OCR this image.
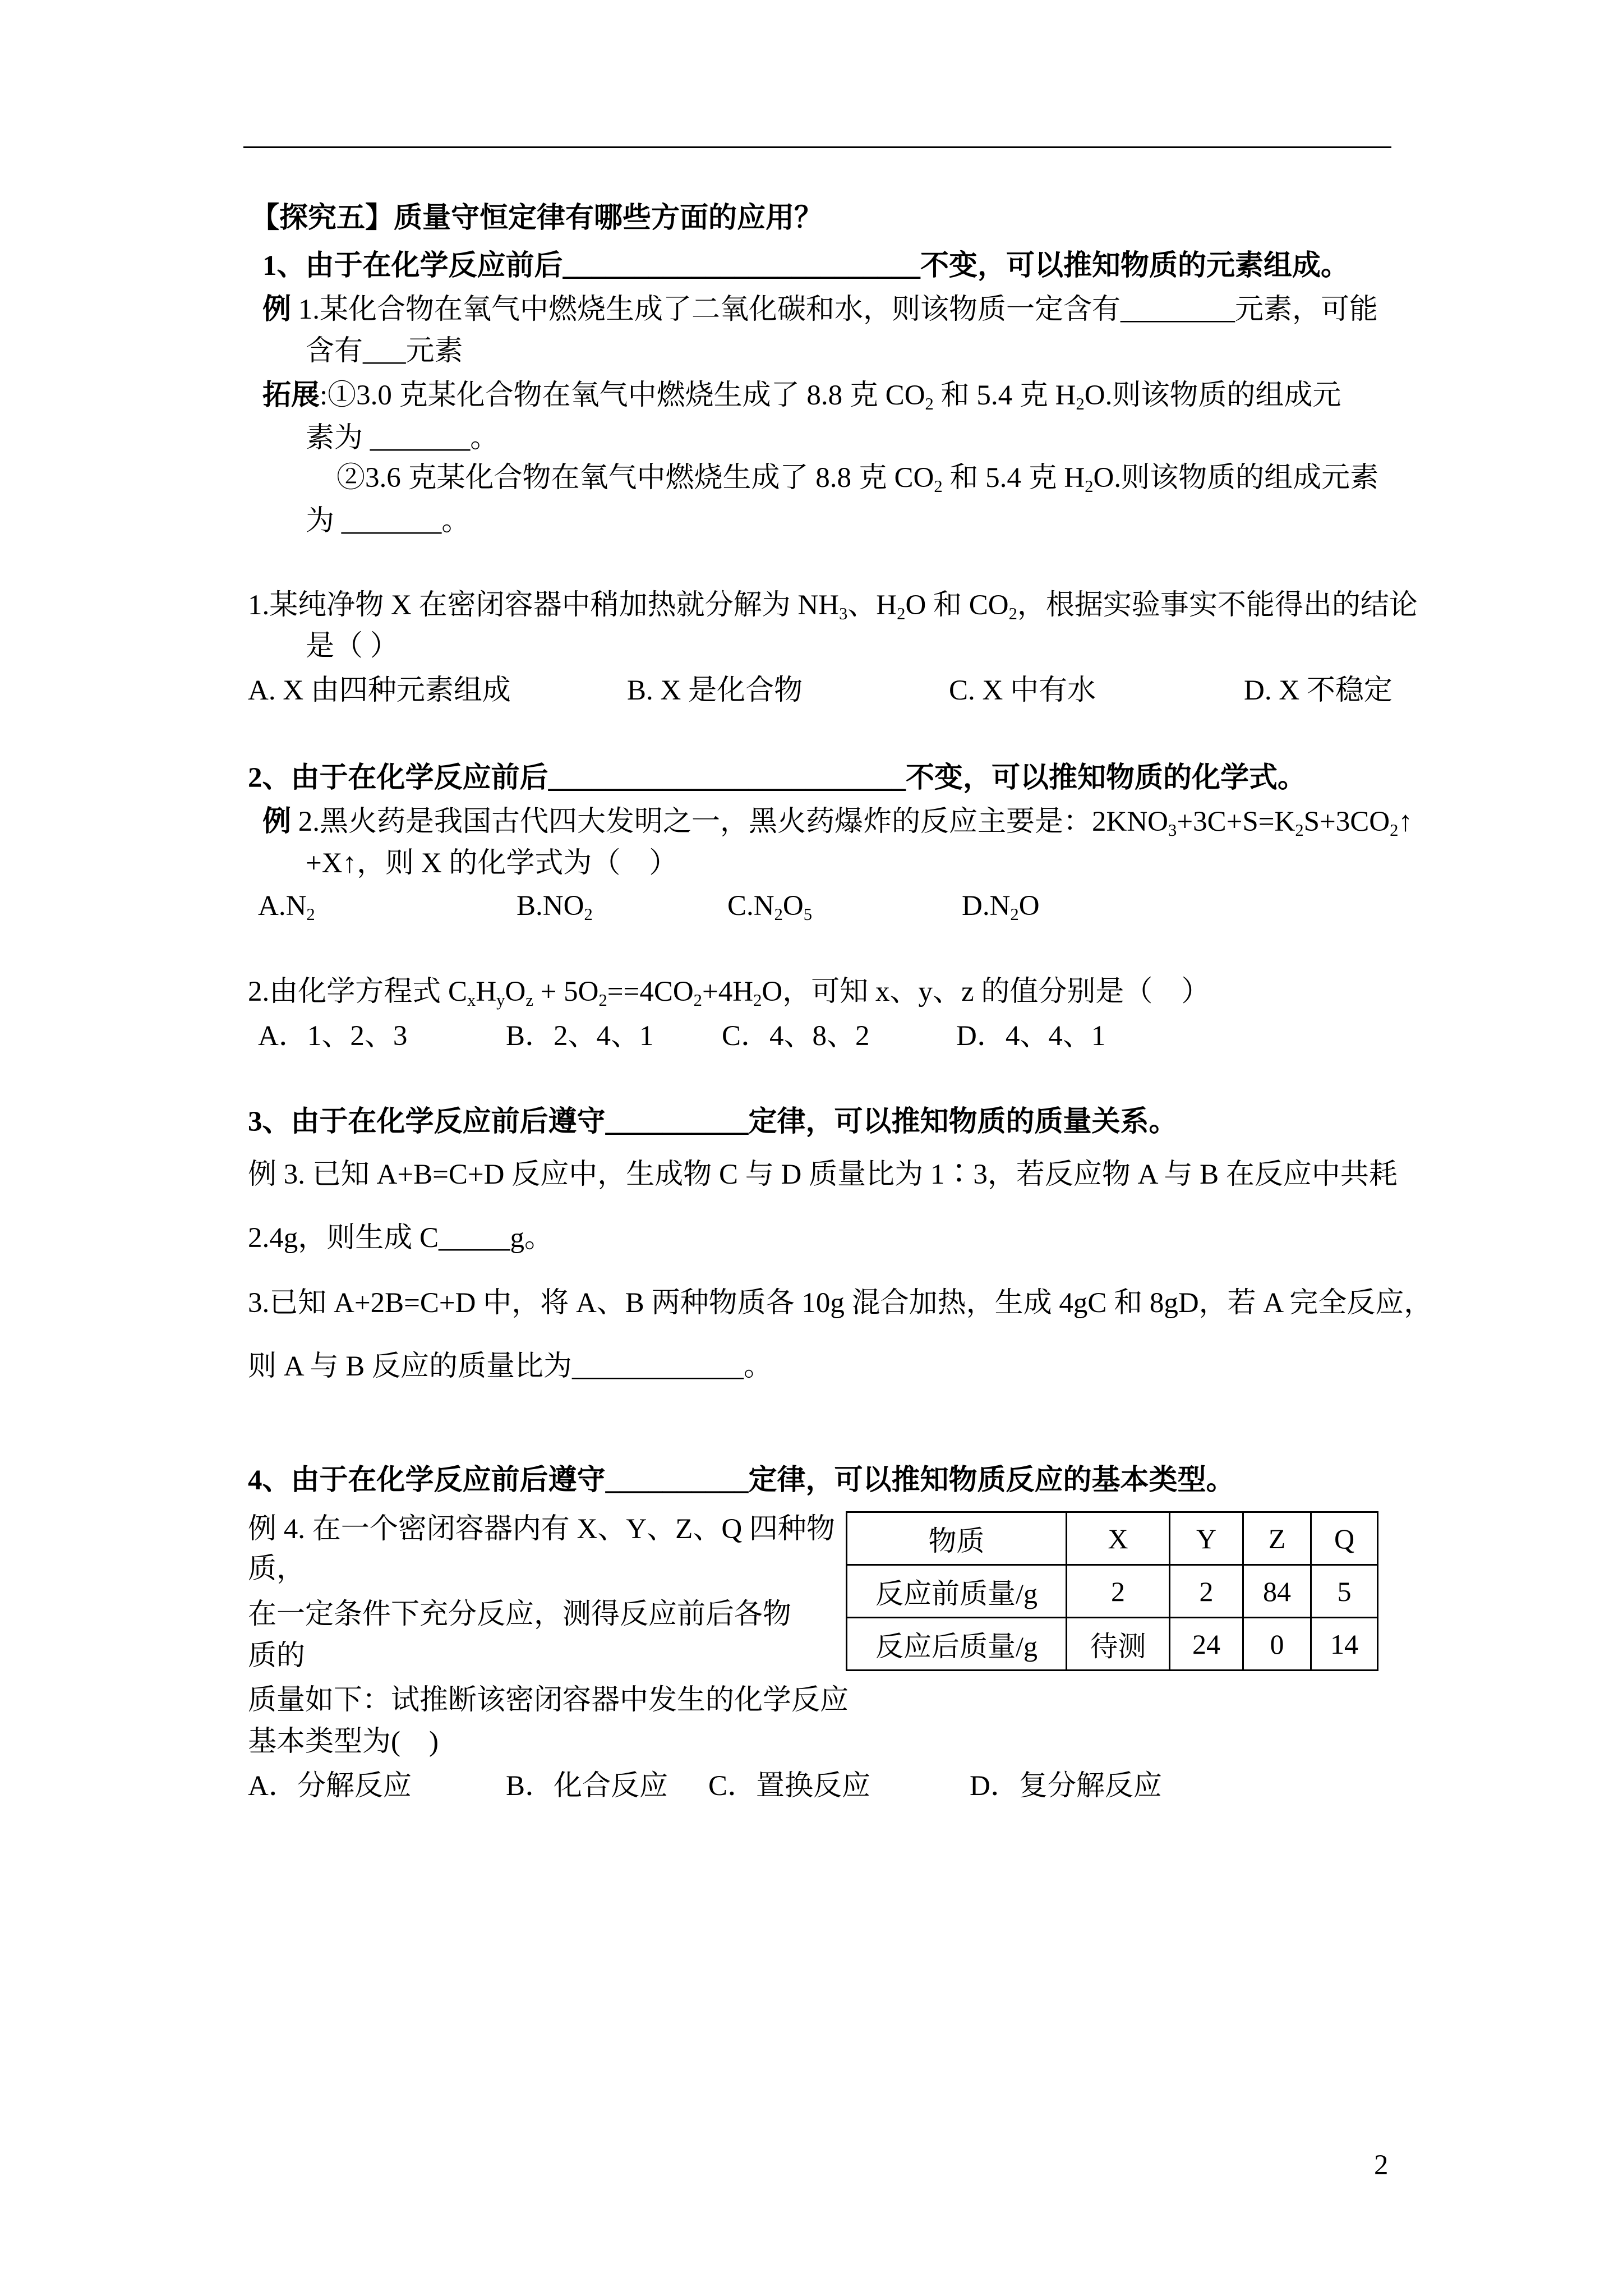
【探究五】质量守恒定律有哪些方面的应用？
1、由于在化学反应前后_________________________不变，可以推知物质的元素组成。
例 1.某化合物在氧气中燃烧生成了二氧化碳和水，则该物质一定含有________元素，可能
含有___元素
拓展:①3.0 克某化合物在氧气中燃烧生成了 8.8 克 CO2 和 5.4 克 H2O.则该物质的组成元
素为 _______。
②3.6 克某化合物在氧气中燃烧生成了 8.8 克 CO2 和 5.4 克 H2O.则该物质的组成元素
为 _______。
1.某纯净物 X 在密闭容器中稍加热就分解为 NH3、H2O 和 CO2，根据实验事实不能得出的结论
是（ ）
A. X 由四种元素组成	B. X 是化合物	C. X 中有水	D. X 不稳定
2、由于在化学反应前后_________________________不变，可以推知物质的化学式。
例 2.黑火药是我国古代四大发明之一，黑火药爆炸的反应主要是：2KNO3+3C+S=K2S+3CO2↑
+X↑，则 X 的化学式为（    ）
A.N2	B.NO2	C.N2O5	D.N2O
2.由化学方程式 CxHyOz + 5O2==4CO2+4H2O，可知 x、y、z 的值分别是（    ）
A．1、2、3	B．2、4、1 C．4、8、2	D．4、4、1
3、由于在化学反应前后遵守__________定律，可以推知物质的质量关系。
例 3. 已知 A+B=C+D 反应中，生成物 C 与 D 质量比为 1∶3，若反应物 A 与 B 在反应中共耗
2.4g，则生成 C_____g。
3.已知 A+2B=C+D 中，将 A、B 两种物质各 10g 混合加热，生成 4gC 和 8gD，若 A 完全反应，
则 A 与 B 反应的质量比为____________。
4、由于在化学反应前后遵守__________定律，可以推知物质反应的基本类型。
例 4. 在一个密闭容器内有 X、Y、Z、Q 四种物
质，
在一定条件下充分反应，测得反应前后各物
质的
质量如下：试推断该密闭容器中发生的化学反应
基本类型为(    )
物质	X	Y	Z	Q
反应前质量/g	2	2	84	5
反应后质量/g	待测	24	0	14
A．分解反应	B．化合反应 C．置换反应	D．复分解反应
2
